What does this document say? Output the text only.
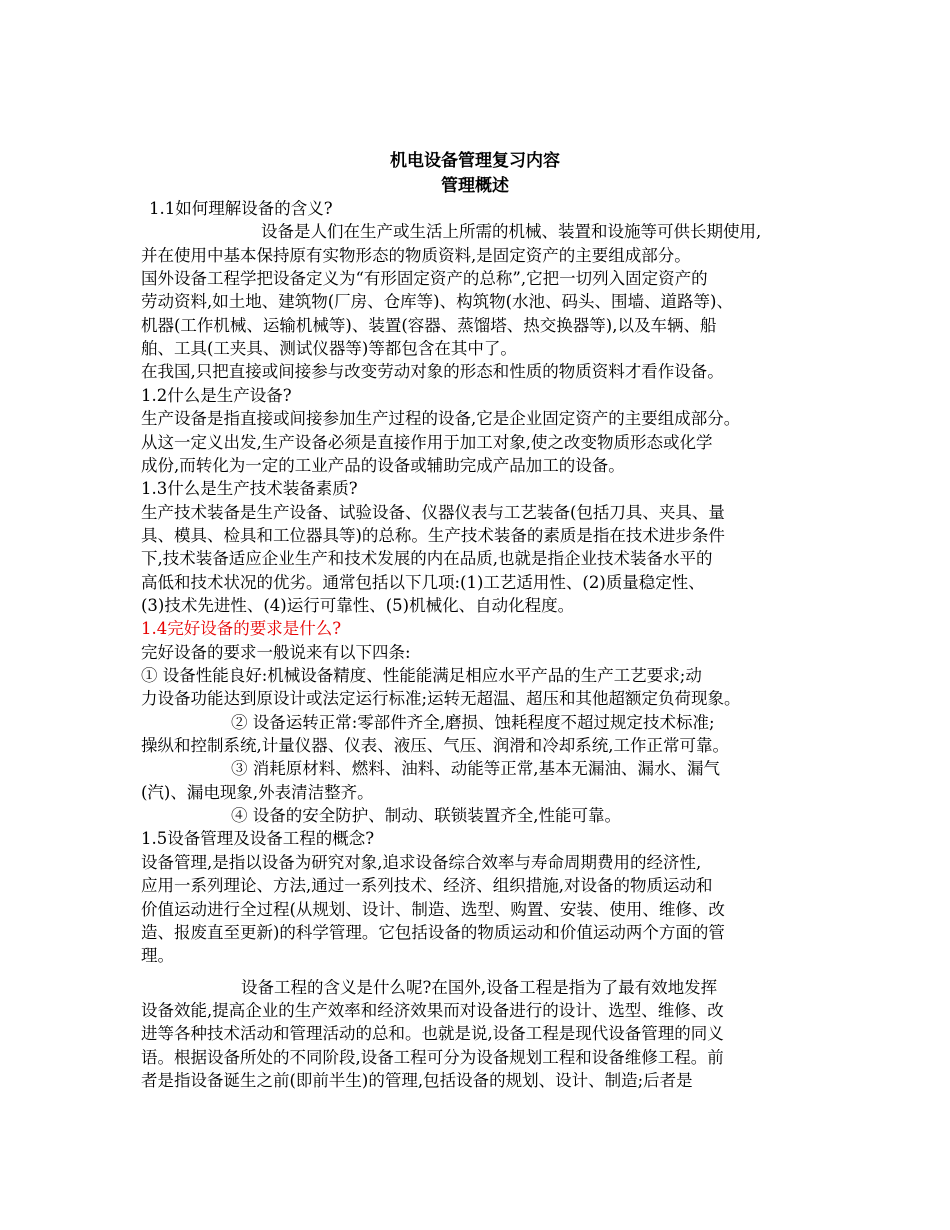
机电设备管理复习内容
管理概述
1.1如何理解设备的含义?
设备是人们在生产或生活上所需的机械、装置和设施等可供长期使用,
并在使用中基本保持原有实物形态的物质资料,是固定资产的主要组成部分。
国外设备工程学把设备定义为“有形固定资产的总称”,它把一切列入固定资产的
劳动资料,如土地、建筑物(厂房、仓库等)、构筑物(水池、码头、围墙、道路等)、
机器(工作机械、运输机械等)、装置(容器、蒸馏塔、热交换器等),以及车辆、船
舶、工具(工夹具、测试仪器等)等都包含在其中了。
在我国,只把直接或间接参与改变劳动对象的形态和性质的物质资料才看作设备。
1.2什么是生产设备?
生产设备是指直接或间接参加生产过程的设备,它是企业固定资产的主要组成部分。
从这一定义出发,生产设备必须是直接作用于加工对象,使之改变物质形态或化学
成份,而转化为一定的工业产品的设备或辅助完成产品加工的设备。
1.3什么是生产技术装备素质?
生产技术装备是生产设备、试验设备、仪器仪表与工艺装备(包括刀具、夹具、量
具、模具、检具和工位器具等)的总称。生产技术装备的素质是指在技术进步条件
下,技术装备适应企业生产和技术发展的内在品质,也就是指企业技术装备水平的
高低和技术状况的优劣。通常包括以下几项:(1)工艺适用性、(2)质量稳定性、
(3)技术先进性、(4)运行可靠性、(5)机械化、自动化程度。
1.4完好设备的要求是什么?
完好设备的要求一般说来有以下四条:
① 设备性能良好:机械设备精度、性能能满足相应水平产品的生产工艺要求;动
力设备功能达到原设计或法定运行标准;运转无超温、超压和其他超额定负荷现象。
② 设备运转正常:零部件齐全,磨损、蚀耗程度不超过规定技术标准;
操纵和控制系统,计量仪器、仪表、液压、气压、润滑和冷却系统,工作正常可靠。
③ 消耗原材料、燃料、油料、动能等正常,基本无漏油、漏水、漏气
(汽)、漏电现象,外表清洁整齐。
④ 设备的安全防护、制动、联锁装置齐全,性能可靠。
1.5设备管理及设备工程的概念?
设备管理,是指以设备为研究对象,追求设备综合效率与寿命周期费用的经济性,
应用一系列理论、方法,通过一系列技术、经济、组织措施,对设备的物质运动和
价值运动进行全过程(从规划、设计、制造、选型、购置、安装、使用、维修、改
造、报废直至更新)的科学管理。它包括设备的物质运动和价值运动两个方面的管
理。
设备工程的含义是什么呢?在国外,设备工程是指为了最有效地发挥
设备效能,提高企业的生产效率和经济效果而对设备进行的设计、选型、维修、改
进等各种技术活动和管理活动的总和。也就是说,设备工程是现代设备管理的同义
语。根据设备所处的不同阶段,设备工程可分为设备规划工程和设备维修工程。前
者是指设备诞生之前(即前半生)的管理,包括设备的规划、设计、制造;后者是
